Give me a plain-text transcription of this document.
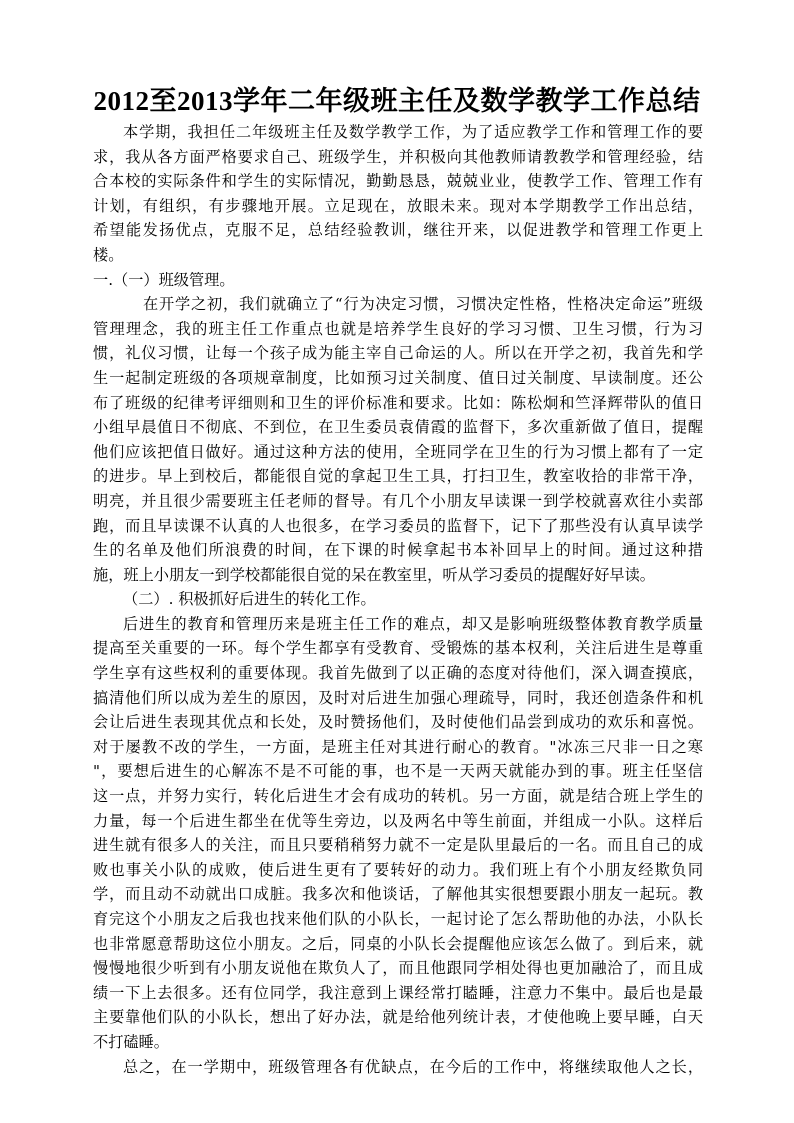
2012至2013学年二年级班主任及数学教学工作总结
本学期，我担任二年级班主任及数学教学工作，为了适应教学工作和管理工作的要
求，我从各方面严格要求自己、班级学生，并积极向其他教师请教教学和管理经验，结
合本校的实际条件和学生的实际情况，勤勤恳恳，兢兢业业，使教学工作、管理工作有
计划，有组织，有步骤地开展。立足现在，放眼未来。现对本学期教学工作出总结，
希望能发扬优点，克服不足，总结经验教训，继往开来，以促进教学和管理工作更上
楼。
一.（一）班级管理。
在开学之初，我们就确立了“行为决定习惯，习惯决定性格，性格决定命运”班级
管理理念，我的班主任工作重点也就是培养学生良好的学习习惯、卫生习惯，行为习
惯，礼仪习惯，让每一个孩子成为能主宰自己命运的人。所以在开学之初，我首先和学
生一起制定班级的各项规章制度，比如预习过关制度、值日过关制度、早读制度。还公
布了班级的纪律考评细则和卫生的评价标准和要求。比如：陈松炯和竺泽辉带队的值日
小组早晨值日不彻底、不到位，在卫生委员袁倩霞的监督下，多次重新做了值日，提醒
他们应该把值日做好。通过这种方法的使用，全班同学在卫生的行为习惯上都有了一定
的进步。早上到校后，都能很自觉的拿起卫生工具，打扫卫生，教室收拾的非常干净，
明亮，并且很少需要班主任老师的督导。有几个小朋友早读课一到学校就喜欢往小卖部
跑，而且早读课不认真的人也很多，在学习委员的监督下，记下了那些没有认真早读学
生的名单及他们所浪费的时间，在下课的时候拿起书本补回早上的时间。通过这种措
施，班上小朋友一到学校都能很自觉的呆在教室里，听从学习委员的提醒好好早读。
（二）. 积极抓好后进生的转化工作。
后进生的教育和管理历来是班主任工作的难点，却又是影响班级整体教育教学质量
提高至关重要的一环。每个学生都享有受教育、受锻炼的基本权利，关注后进生是尊重
学生享有这些权利的重要体现。我首先做到了以正确的态度对待他们，深入调查摸底，
搞清他们所以成为差生的原因，及时对后进生加强心理疏导，同时，我还创造条件和机
会让后进生表现其优点和长处，及时赞扬他们，及时使他们品尝到成功的欢乐和喜悦。
对于屡教不改的学生，一方面，是班主任对其进行耐心的教育。"冰冻三尺非一日之寒
"，要想后进生的心解冻不是不可能的事，也不是一天两天就能办到的事。班主任坚信
这一点，并努力实行，转化后进生才会有成功的转机。另一方面，就是结合班上学生的
力量，每一个后进生都坐在优等生旁边，以及两名中等生前面，并组成一小队。这样后
进生就有很多人的关注，而且只要稍稍努力就不一定是队里最后的一名。而且自己的成
败也事关小队的成败，使后进生更有了要转好的动力。我们班上有个小朋友经欺负同
学，而且动不动就出口成脏。我多次和他谈话，了解他其实很想要跟小朋友一起玩。教
育完这个小朋友之后我也找来他们队的小队长，一起讨论了怎么帮助他的办法，小队长
也非常愿意帮助这位小朋友。之后，同桌的小队长会提醒他应该怎么做了。到后来，就
慢慢地很少听到有小朋友说他在欺负人了，而且他跟同学相处得也更加融洽了，而且成
绩一下上去很多。还有位同学，我注意到上课经常打瞌睡，注意力不集中。最后也是最
主要靠他们队的小队长，想出了好办法，就是给他列统计表，才使他晚上要早睡，白天
不打磕睡。
总之，在一学期中，班级管理各有优缺点，在今后的工作中，将继续取他人之长，
